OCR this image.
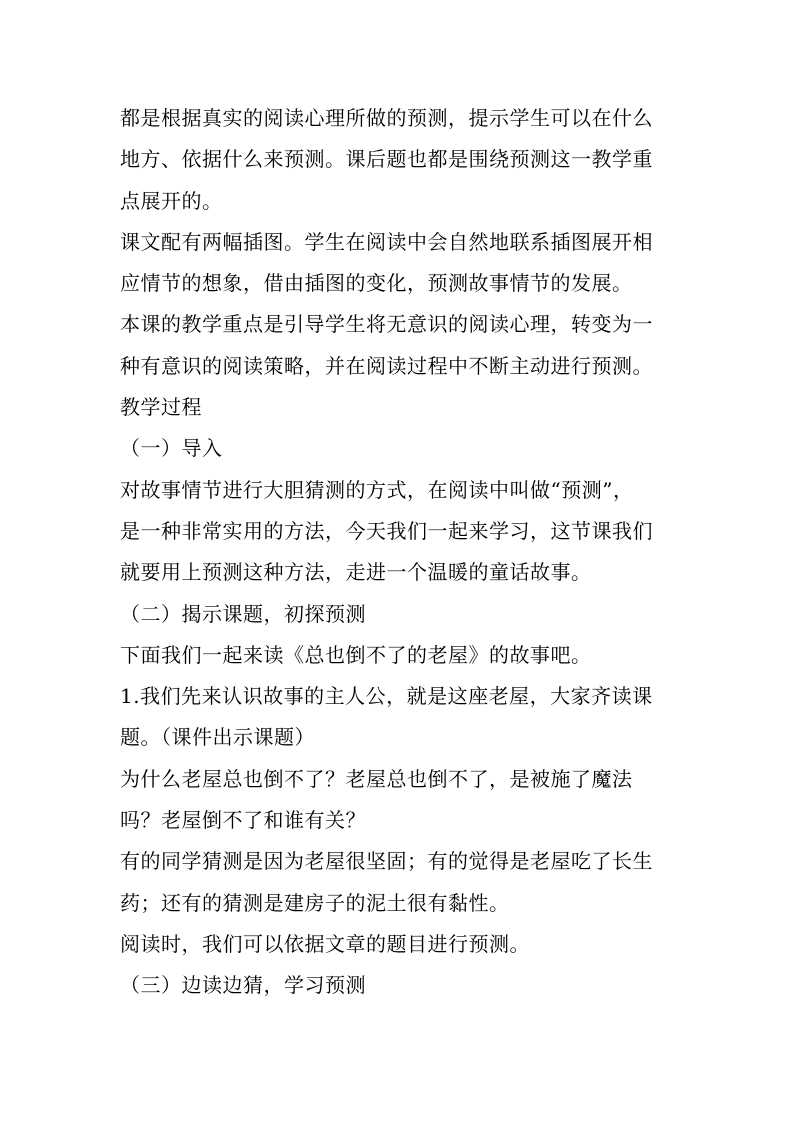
都是根据真实的阅读心理所做的预测，提示学生可以在什么
地方、依据什么来预测。课后题也都是围绕预测这一教学重
点展开的。
课文配有两幅插图。学生在阅读中会自然地联系插图展开相
应情节的想象，借由插图的变化，预测故事情节的发展。
本课的教学重点是引导学生将无意识的阅读心理，转变为一
种有意识的阅读策略，并在阅读过程中不断主动进行预测。
教学过程
（一）导入
对故事情节进行大胆猜测的方式，在阅读中叫做“预测”，
是一种非常实用的方法，今天我们一起来学习，这节课我们
就要用上预测这种方法，走进一个温暖的童话故事。
（二）揭示课题，初探预测
下面我们一起来读《总也倒不了的老屋》的故事吧。
1.我们先来认识故事的主人公，就是这座老屋，大家齐读课
题。（课件出示课题）
为什么老屋总也倒不了？老屋总也倒不了，是被施了魔法
吗？老屋倒不了和谁有关？
有的同学猜测是因为老屋很坚固；有的觉得是老屋吃了长生
药；还有的猜测是建房子的泥土很有黏性。
阅读时，我们可以依据文章的题目进行预测。
（三）边读边猜，学习预测
